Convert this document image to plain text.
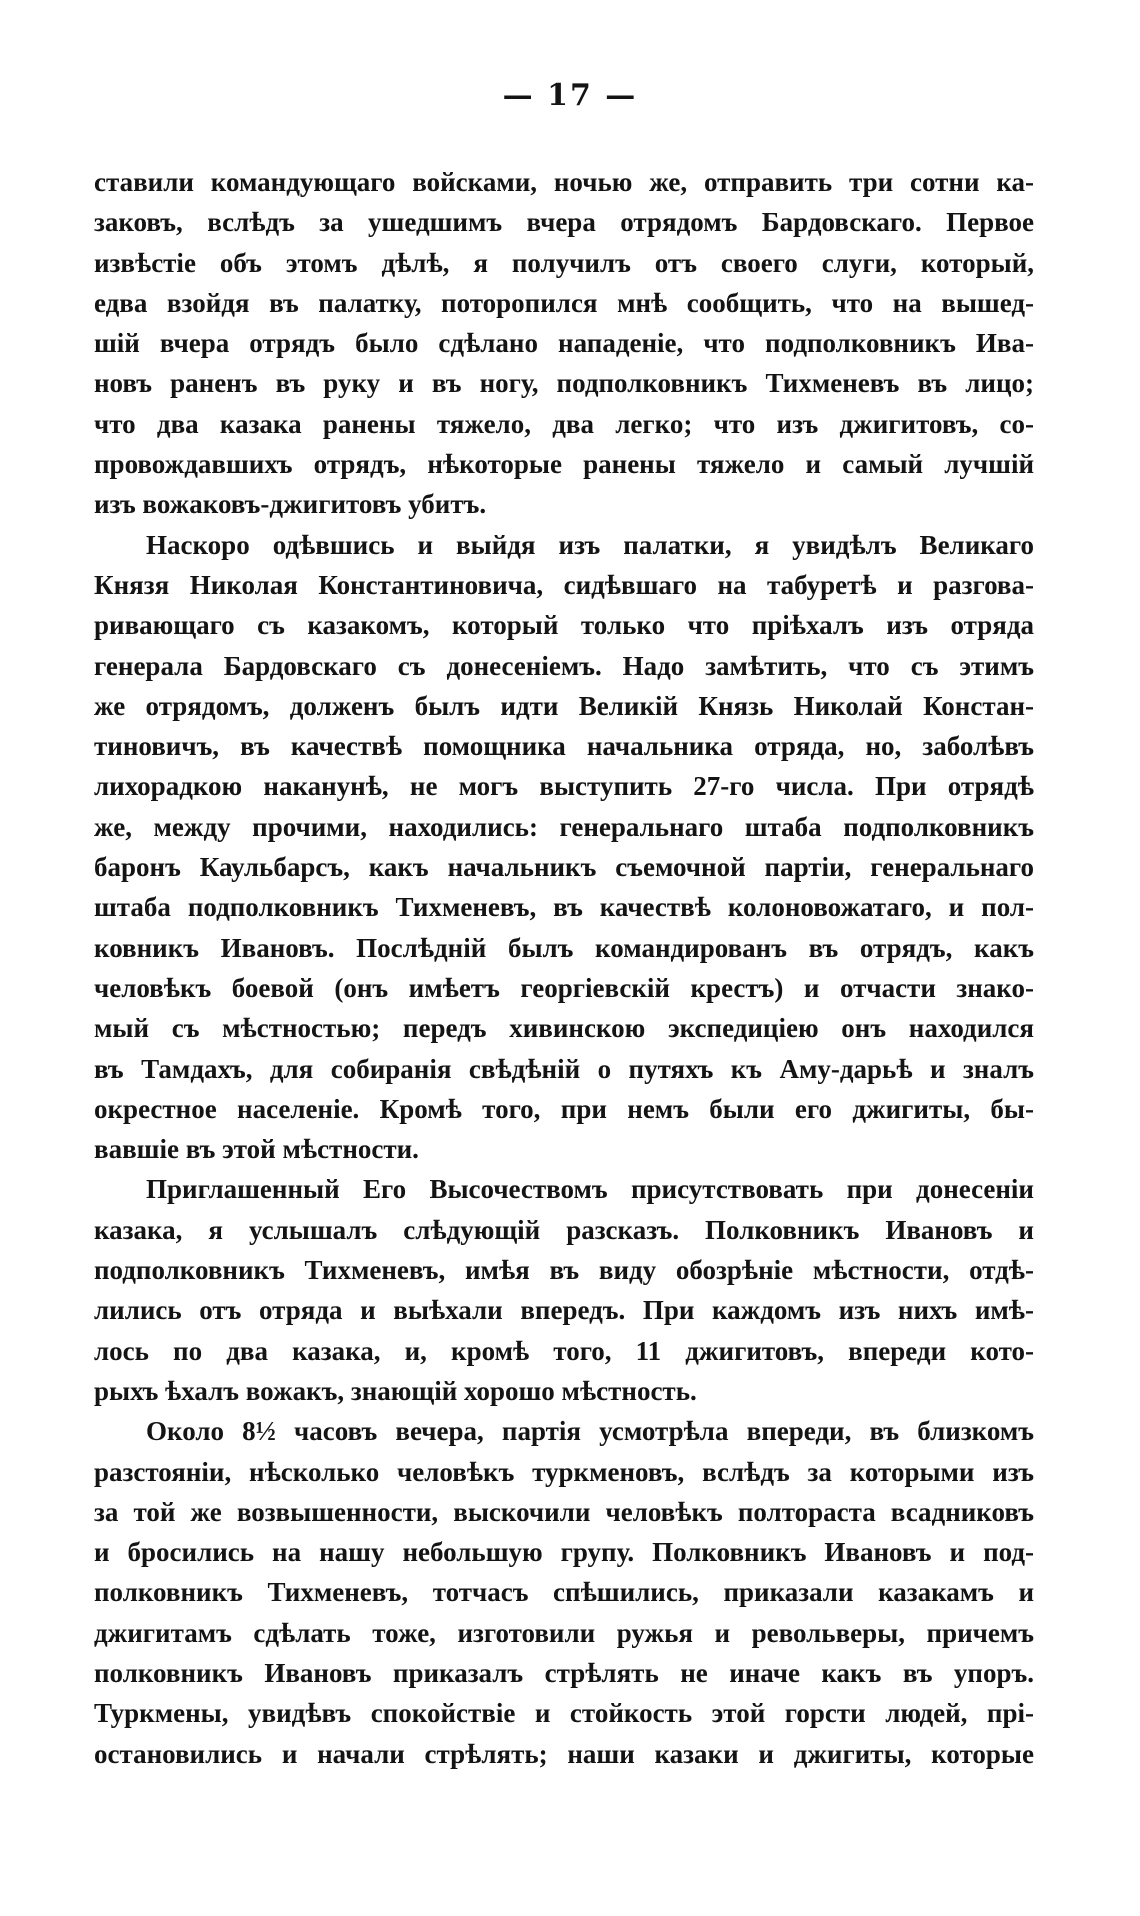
— 17 —
ставили командующаго войсками, ночью же, отправить три сотни ка-
заковъ, вслѣдъ за ушедшимъ вчера отрядомъ Бардовскаго. Первое
извѣстіе объ этомъ дѣлѣ, я получилъ отъ своего слуги, который,
едва взойдя въ палатку, поторопился мнѣ сообщить, что на вышед-
шій вчера отрядъ было сдѣлано нападеніе, что подполковникъ Ива-
новъ раненъ въ руку и въ ногу, подполковникъ Тихменевъ въ лицо;
что два казака ранены тяжело, два легко; что изъ джигитовъ, со-
провождавшихъ отрядъ, нѣкоторые ранены тяжело и самый лучшій
изъ вожаковъ-джигитовъ убитъ.
Наскоро одѣвшись и выйдя изъ палатки, я увидѣлъ Великаго
Князя Николая Константиновича, сидѣвшаго на табуретѣ и разгова-
ривающаго съ казакомъ, который только что пріѣхалъ изъ отряда
генерала Бардовскаго съ донесеніемъ. Надо замѣтить, что съ этимъ
же отрядомъ, долженъ былъ идти Великій Князь Николай Констан-
тиновичъ, въ качествѣ помощника начальника отряда, но, заболѣвъ
лихорадкою наканунѣ, не могъ выступить 27-го числа. При отрядѣ
же, между прочими, находились: генеральнаго штаба подполковникъ
баронъ Каульбарсъ, какъ начальникъ съемочной партіи, генеральнаго
штаба подполковникъ Тихменевъ, въ качествѣ колоновожатаго, и пол-
ковникъ Ивановъ. Послѣдній былъ командированъ въ отрядъ, какъ
человѣкъ боевой (онъ имѣетъ георгіевскій крестъ) и отчасти знако-
мый съ мѣстностью; передъ хивинскою экспедиціею онъ находился
въ Тамдахъ, для собиранія свѣдѣній о путяхъ къ Аму-дарьѣ и зналъ
окрестное населеніе. Кромѣ того, при немъ были его джигиты, бы-
вавшіе въ этой мѣстности.
Приглашенный Его Высочествомъ присутствовать при донесеніи
казака, я услышалъ слѣдующій разсказъ. Полковникъ Ивановъ и
подполковникъ Тихменевъ, имѣя въ виду обозрѣніе мѣстности, отдѣ-
лились отъ отряда и выѣхали впередъ. При каждомъ изъ нихъ имѣ-
лось по два казака, и, кромѣ того, 11 джигитовъ, впереди кото-
рыхъ ѣхалъ вожакъ, знающій хорошо мѣстность.
Около 8½ часовъ вечера, партія усмотрѣла впереди, въ близкомъ
разстояніи, нѣсколько человѣкъ туркменовъ, вслѣдъ за которыми изъ
за той же возвышенности, выскочили человѣкъ полтораста всадниковъ
и бросились на нашу небольшую групу. Полковникъ Ивановъ и под-
полковникъ Тихменевъ, тотчасъ спѣшились, приказали казакамъ и
джигитамъ сдѣлать тоже, изготовили ружья и револьверы, причемъ
полковникъ Ивановъ приказалъ стрѣлять не иначе какъ въ упоръ.
Туркмены, увидѣвъ спокойствіе и стойкость этой горсти людей, прі-
остановились и начали стрѣлять; наши казаки и джигиты, которые
